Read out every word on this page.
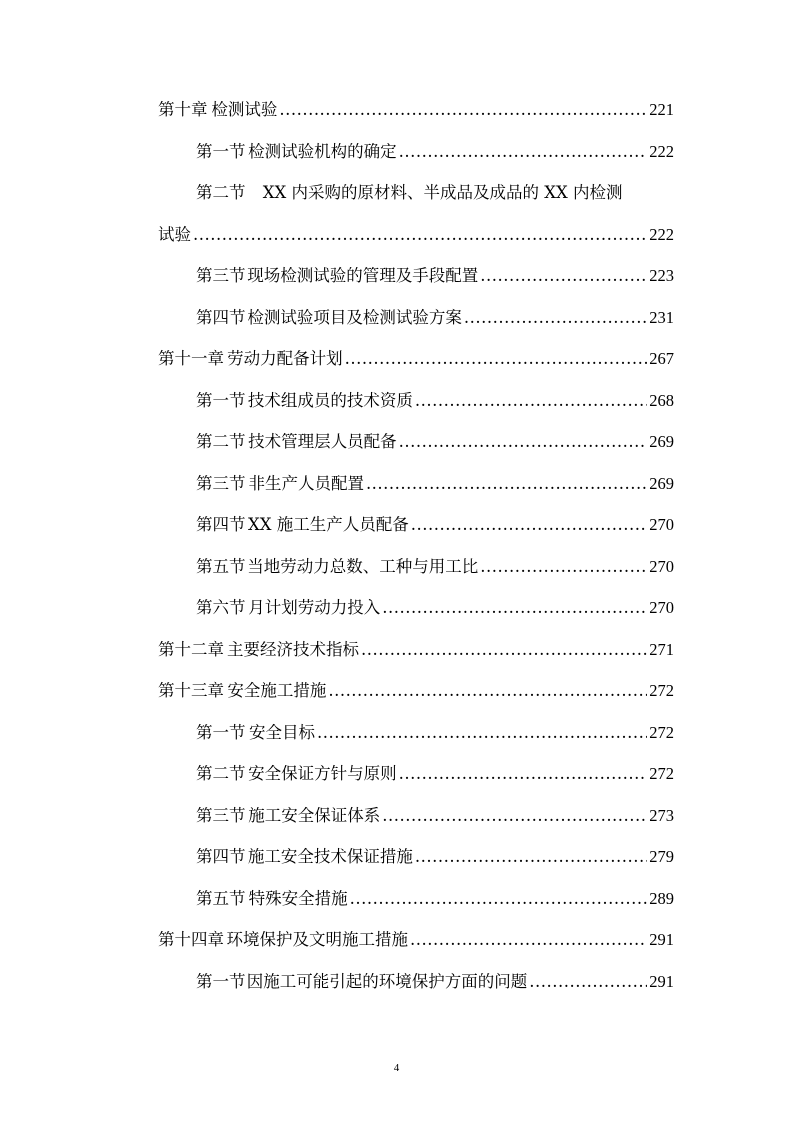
第十章 检测试验 .....	221
第一节 检测试验机构的确定 .....	222
第二节 XX 内采购的原材料、半成品及成品的 XX 内检测
试验 .....	222
第三节 现场检测试验的管理及手段配置 .....	223
第四节 检测试验项目及检测试验方案 .....	231
第十一章 劳动力配备计划 .....	267
第一节 技术组成员的技术资质 .....	268
第二节 技术管理层人员配备 .....	269
第三节 非生产人员配置 .....	269
第四节 XX 施工生产人员配备 .....	270
第五节 当地劳动力总数、工种与用工比 .....	270
第六节 月计划劳动力投入 .....	270
第十二章 主要经济技术指标 .....	271
第十三章 安全施工措施 .....	272
第一节 安全目标 .....	272
第二节 安全保证方针与原则 .....	272
第三节 施工安全保证体系 .....	273
第四节 施工安全技术保证措施 .....	279
第五节 特殊安全措施 .....	289
第十四章 环境保护及文明施工措施 .....	291
第一节 因施工可能引起的环境保护方面的问题 .....	291
4
